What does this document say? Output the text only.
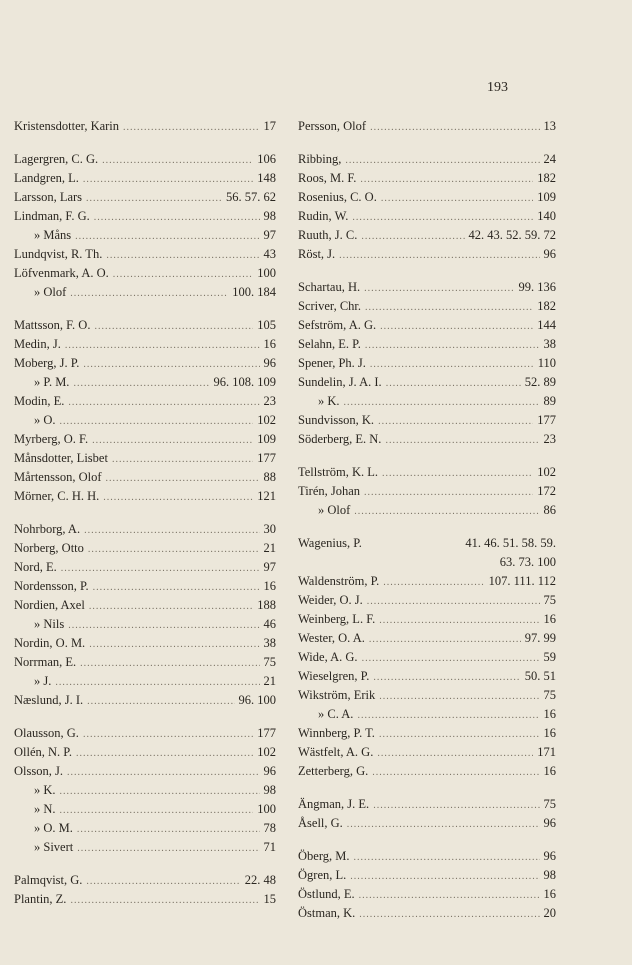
193
Kristensdotter, Karin .....	17
Lagergren, C. G. .....	106
Landgren, L. .....	148
Larsson, Lars .....	56. 57. 62
Lindman, F. G. .....	98
» Måns .....	97
Lundqvist, R. Th. .....	43
Löfvenmark, A. O. .....	100
» Olof .....	100. 184
Mattsson, F. O. .....	105
Medin, J. .....	16
Moberg, J. P. .....	96
» P. M. .....	96. 108. 109
Modin, E. .....	23
» O. .....	102
Myrberg, O. F. .....	109
Månsdotter, Lisbet .....	177
Mårtensson, Olof .....	88
Mörner, C. H. H. .....	121
Nohrborg, A. .....	30
Norberg, Otto .....	21
Nord, E. .....	97
Nordensson, P. .....	16
Nordien, Axel .....	188
» Nils .....	46
Nordin, O. M. .....	38
Norrman, E. .....	75
» J. .....	21
Næslund, J. I. .....	96. 100
Olausson, G. .....	177
Ollén, N. P. .....	102
Olsson, J. .....	96
» K. .....	98
» N. .....	100
» O. M. .....	78
» Sivert .....	71
Palmqvist, G. .....	22. 48
Plantin, Z. .....	15
Persson, Olof .....	13
Ribbing, .....	24
Roos, M. F. .....	182
Rosenius, C. O. .....	109
Rudin, W. .....	140
Ruuth, J. C. .....	42. 43. 52. 59. 72
Röst, J. .....	96
Schartau, H. .....	99. 136
Scriver, Chr. .....	182
Sefström, A. G. .....	144
Selahn, E. P. .....	38
Spener, Ph. J. .....	110
Sundelin, J. A. I. .....	52. 89
» K. .....	89
Sundvisson, K. .....	177
Söderberg, E. N. .....	23
Tellström, K. L. .....	102
Tirén, Johan .....	172
» Olof .....	86
Wagenius, P.	41. 46. 51. 58. 59.
63. 73. 100
Waldenström, P. .....	107. 111. 112
Weider, O. J. .....	75
Weinberg, L. F. .....	16
Wester, O. A. .....	97. 99
Wide, A. G. .....	59
Wieselgren, P. .....	50. 51
Wikström, Erik .....	75
» C. A. .....	16
Winnberg, P. T. .....	16
Wästfelt, A. G. .....	171
Zetterberg, G. .....	16
Ängman, J. E. .....	75
Åsell, G. .....	96
Öberg, M. .....	96
Ögren, L. .....	98
Östlund, E. .....	16
Östman, K. .....	20
